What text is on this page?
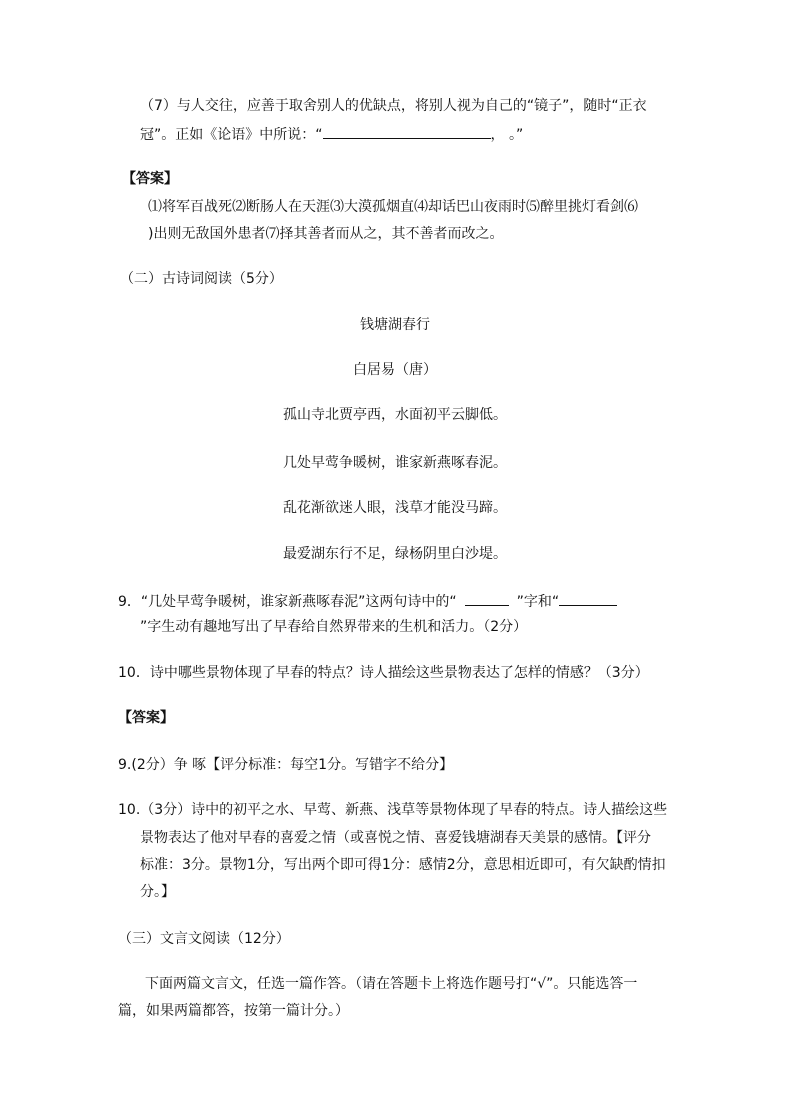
（7）与人交往，应善于取舍别人的优缺点，将别人视为自己的“镜子”，随时“正衣
冠”。正如《论语》中所说：“	， 。”
【答案】
⑴将军百战死⑵断肠人在天涯⑶大漠孤烟直⑷却话巴山夜雨时⑸醉里挑灯看剑⑹
)出则无敌国外患者⑺择其善者而从之，其不善者而改之。
（二）古诗词阅读（5分）
钱塘湖春行
白居易（唐）
孤山寺北贾亭西，水面初平云脚低。
几处早莺争暖树，谁家新燕啄春泥。
乱花渐欲迷人眼，浅草才能没马蹄。
最爱湖东行不足，绿杨阴里白沙堤。
9．“几处早莺争暖树，谁家新燕啄春泥”这两句诗中的“	”字和“
”字生动有趣地写出了早春给自然界带来的生机和活力。（2分）
10．诗中哪些景物体现了早春的特点？诗人描绘这些景物表达了怎样的情感？（3分）
【答案】
9.(2分）争 啄【评分标准：每空1分。写错字不给分】
10.（3分）诗中的初平之水、早莺、新燕、浅草等景物体现了早春的特点。诗人描绘这些
景物表达了他对早春的喜爱之情（或喜悦之情、喜爱钱塘湖春天美景的感情。【评分
标准：3分。景物1分，写出两个即可得1分：感情2分，意思相近即可，有欠缺酌情扣
分。】
（三）文言文阅读（12分）
下面两篇文言文，任选一篇作答。（请在答题卡上将选作题号打“√”。只能选答一
篇，如果两篇都答，按第一篇计分。）
